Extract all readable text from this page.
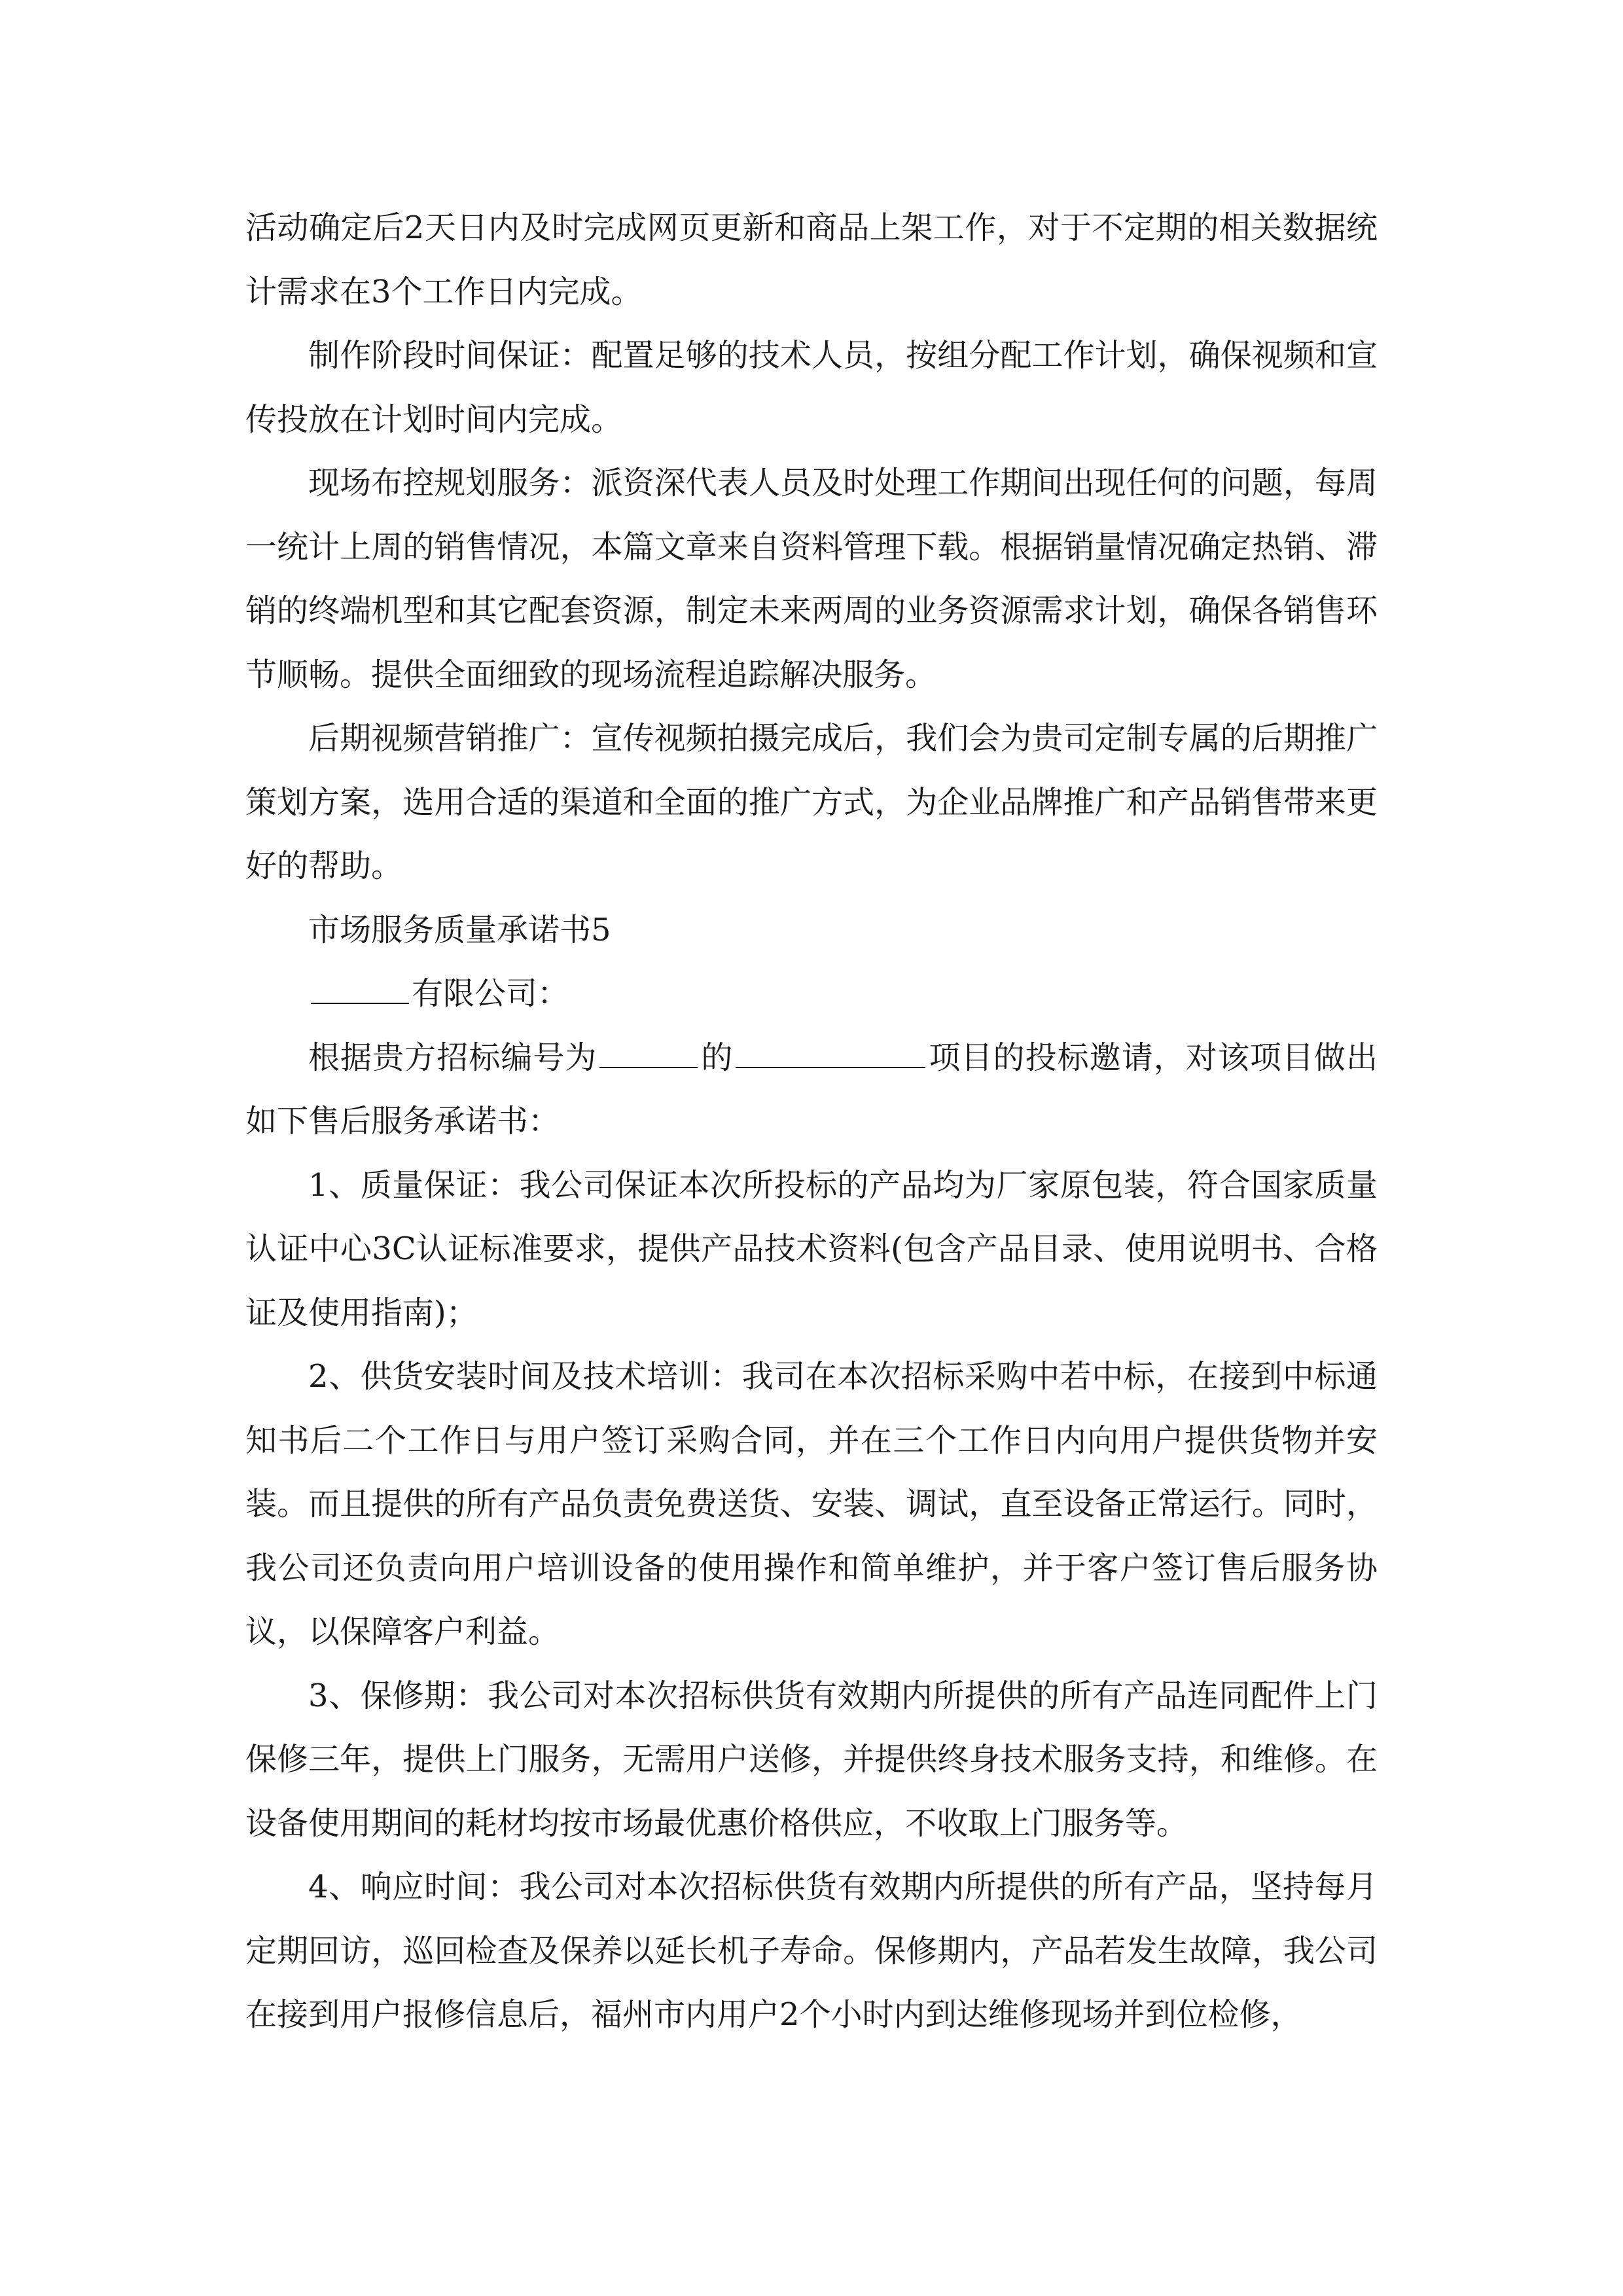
活动确定后2天日内及时完成网页更新和商品上架工作，对于不定期的相关数据统计需求在3个工作日内完成。

制作阶段时间保证：配置足够的技术人员，按组分配工作计划，确保视频和宣传投放在计划时间内完成。

现场布控规划服务：派资深代表人员及时处理工作期间出现任何的问题，每周一统计上周的销售情况，本篇文章来自资料管理下载。根据销量情况确定热销、滞销的终端机型和其它配套资源，制定未来两周的业务资源需求计划，确保各销售环节顺畅。提供全面细致的现场流程追踪解决服务。

后期视频营销推广：宣传视频拍摄完成后，我们会为贵司定制专属的后期推广策划方案，选用合适的渠道和全面的推广方式，为企业品牌推广和产品销售带来更好的帮助。

市场服务质量承诺书5

有限公司：

根据贵方招标编号为	的	项目的投标邀请，对该项目做出如下售后服务承诺书：

1、质量保证：我公司保证本次所投标的产品均为厂家原包装，符合国家质量认证中心3C认证标准要求，提供产品技术资料(包含产品目录、使用说明书、合格证及使用指南)；

2、供货安装时间及技术培训：我司在本次招标采购中若中标，在接到中标通知书后二个工作日与用户签订采购合同，并在三个工作日内向用户提供货物并安装。而且提供的所有产品负责免费送货、安装、调试，直至设备正常运行。同时，我公司还负责向用户培训设备的使用操作和简单维护，并于客户签订售后服务协议，以保障客户利益。

3、保修期：我公司对本次招标供货有效期内所提供的所有产品连同配件上门保修三年，提供上门服务，无需用户送修，并提供终身技术服务支持，和维修。在设备使用期间的耗材均按市场最优惠价格供应，不收取上门服务等。

4、响应时间：我公司对本次招标供货有效期内所提供的所有产品，坚持每月定期回访，巡回检查及保养以延长机子寿命。保修期内，产品若发生故障，我公司在接到用户报修信息后，福州市内用户2个小时内到达维修现场并到位检修，
